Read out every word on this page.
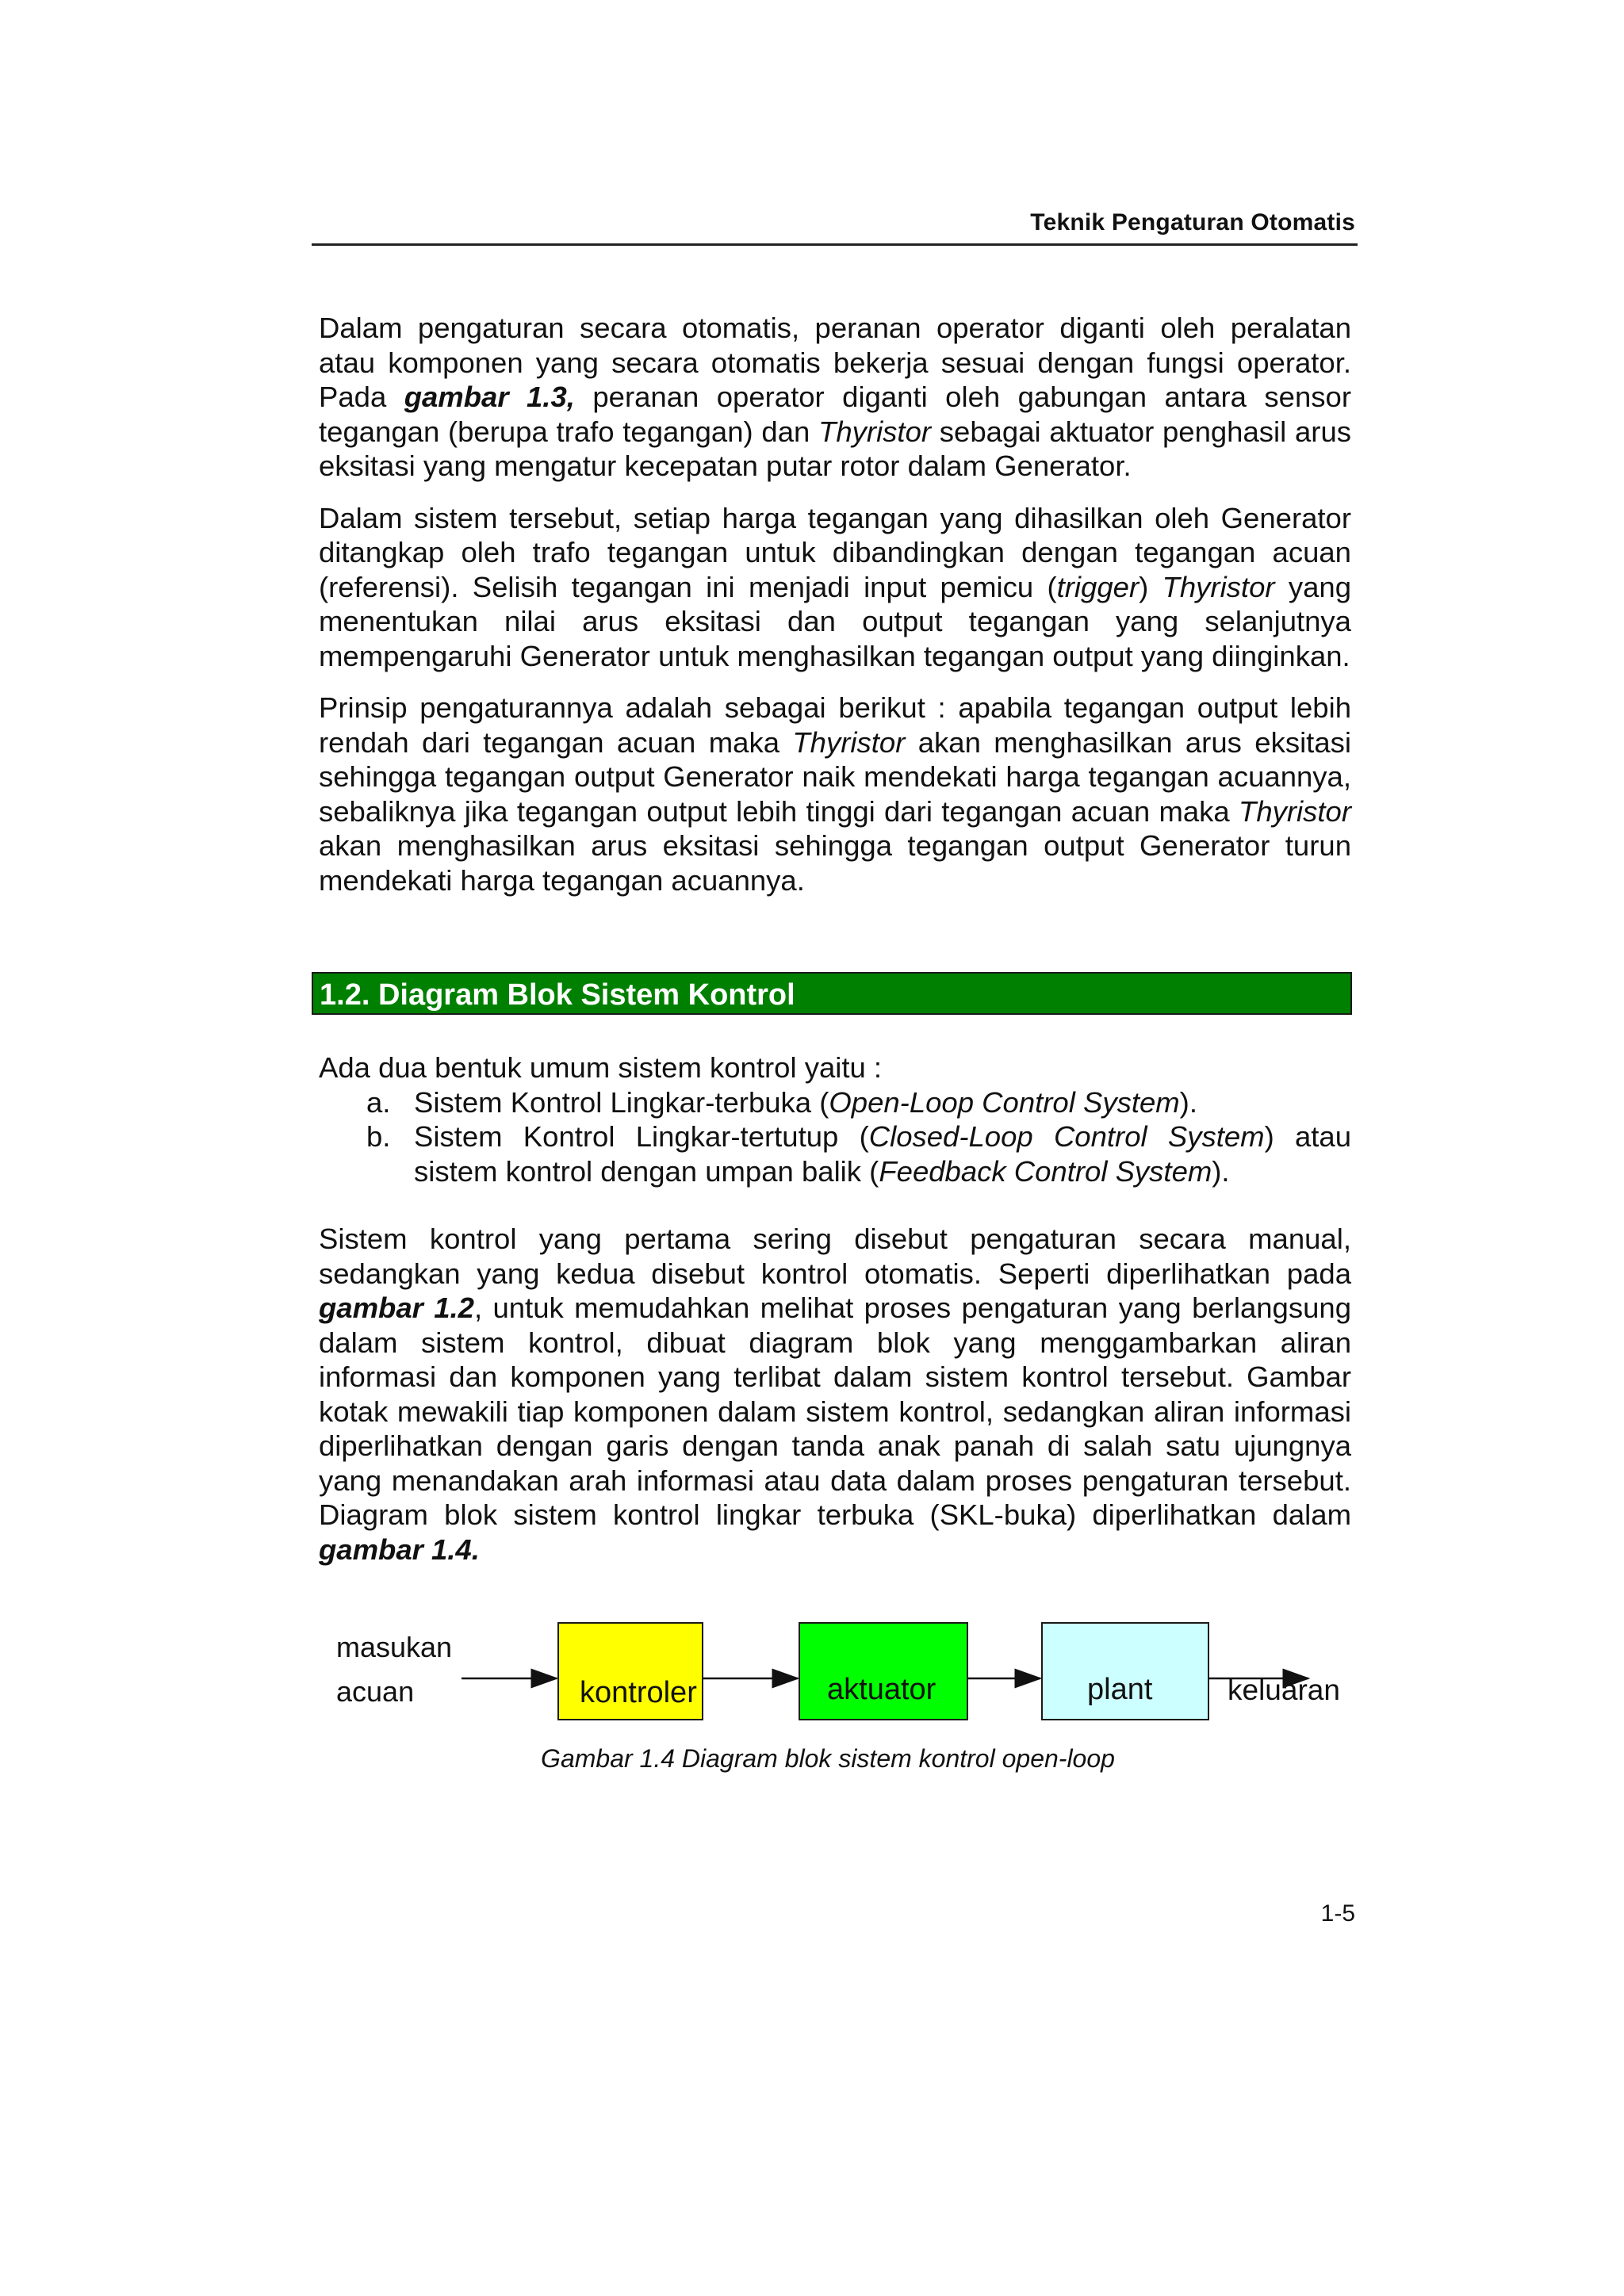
Teknik Pengaturan Otomatis

Dalam pengaturan secara otomatis, peranan operator diganti oleh peralatan atau komponen yang secara otomatis bekerja sesuai dengan fungsi operator. Pada gambar 1.3, peranan operator diganti oleh gabungan antara sensor tegangan (berupa trafo tegangan) dan Thyristor sebagai aktuator penghasil arus eksitasi yang mengatur kecepatan putar rotor dalam Generator.

Dalam sistem tersebut, setiap harga tegangan yang dihasilkan oleh Generator ditangkap oleh trafo tegangan untuk dibandingkan dengan tegangan acuan (referensi). Selisih tegangan ini menjadi input pemicu (trigger) Thyristor yang menentukan nilai arus eksitasi dan output tegangan yang selanjutnya mempengaruhi Generator untuk menghasilkan tegangan output yang diinginkan.

Prinsip pengaturannya adalah sebagai berikut : apabila tegangan output lebih rendah dari tegangan acuan maka Thyristor akan menghasilkan arus eksitasi sehingga tegangan output Generator naik mendekati harga tegangan acuannya, sebaliknya jika tegangan output lebih tinggi dari tegangan acuan maka Thyristor akan menghasilkan arus eksitasi sehingga tegangan output Generator turun mendekati harga tegangan acuannya.

1.2. Diagram Blok Sistem Kontrol

Ada dua bentuk umum sistem kontrol yaitu :

a. Sistem Kontrol Lingkar-terbuka (Open-Loop Control System).
b. Sistem Kontrol Lingkar-tertutup (Closed-Loop Control System) atau sistem kontrol dengan umpan balik (Feedback Control System).

Sistem kontrol yang pertama sering disebut pengaturan secara manual, sedangkan yang kedua disebut kontrol otomatis. Seperti diperlihatkan pada gambar 1.2, untuk memudahkan melihat proses pengaturan yang berlangsung dalam sistem kontrol, dibuat diagram blok yang menggambarkan aliran informasi dan komponen yang terlibat dalam sistem kontrol tersebut. Gambar kotak mewakili tiap komponen dalam sistem kontrol, sedangkan aliran informasi diperlihatkan dengan garis dengan tanda anak panah di salah satu ujungnya yang menandakan arah informasi atau data dalam proses pengaturan tersebut. Diagram blok sistem kontrol lingkar terbuka (SKL-buka) diperlihatkan dalam gambar 1.4.

masukan
acuan	kontroler	aktuator	plant	keluaran
Gambar 1.4 Diagram blok sistem kontrol open-loop
1-5
